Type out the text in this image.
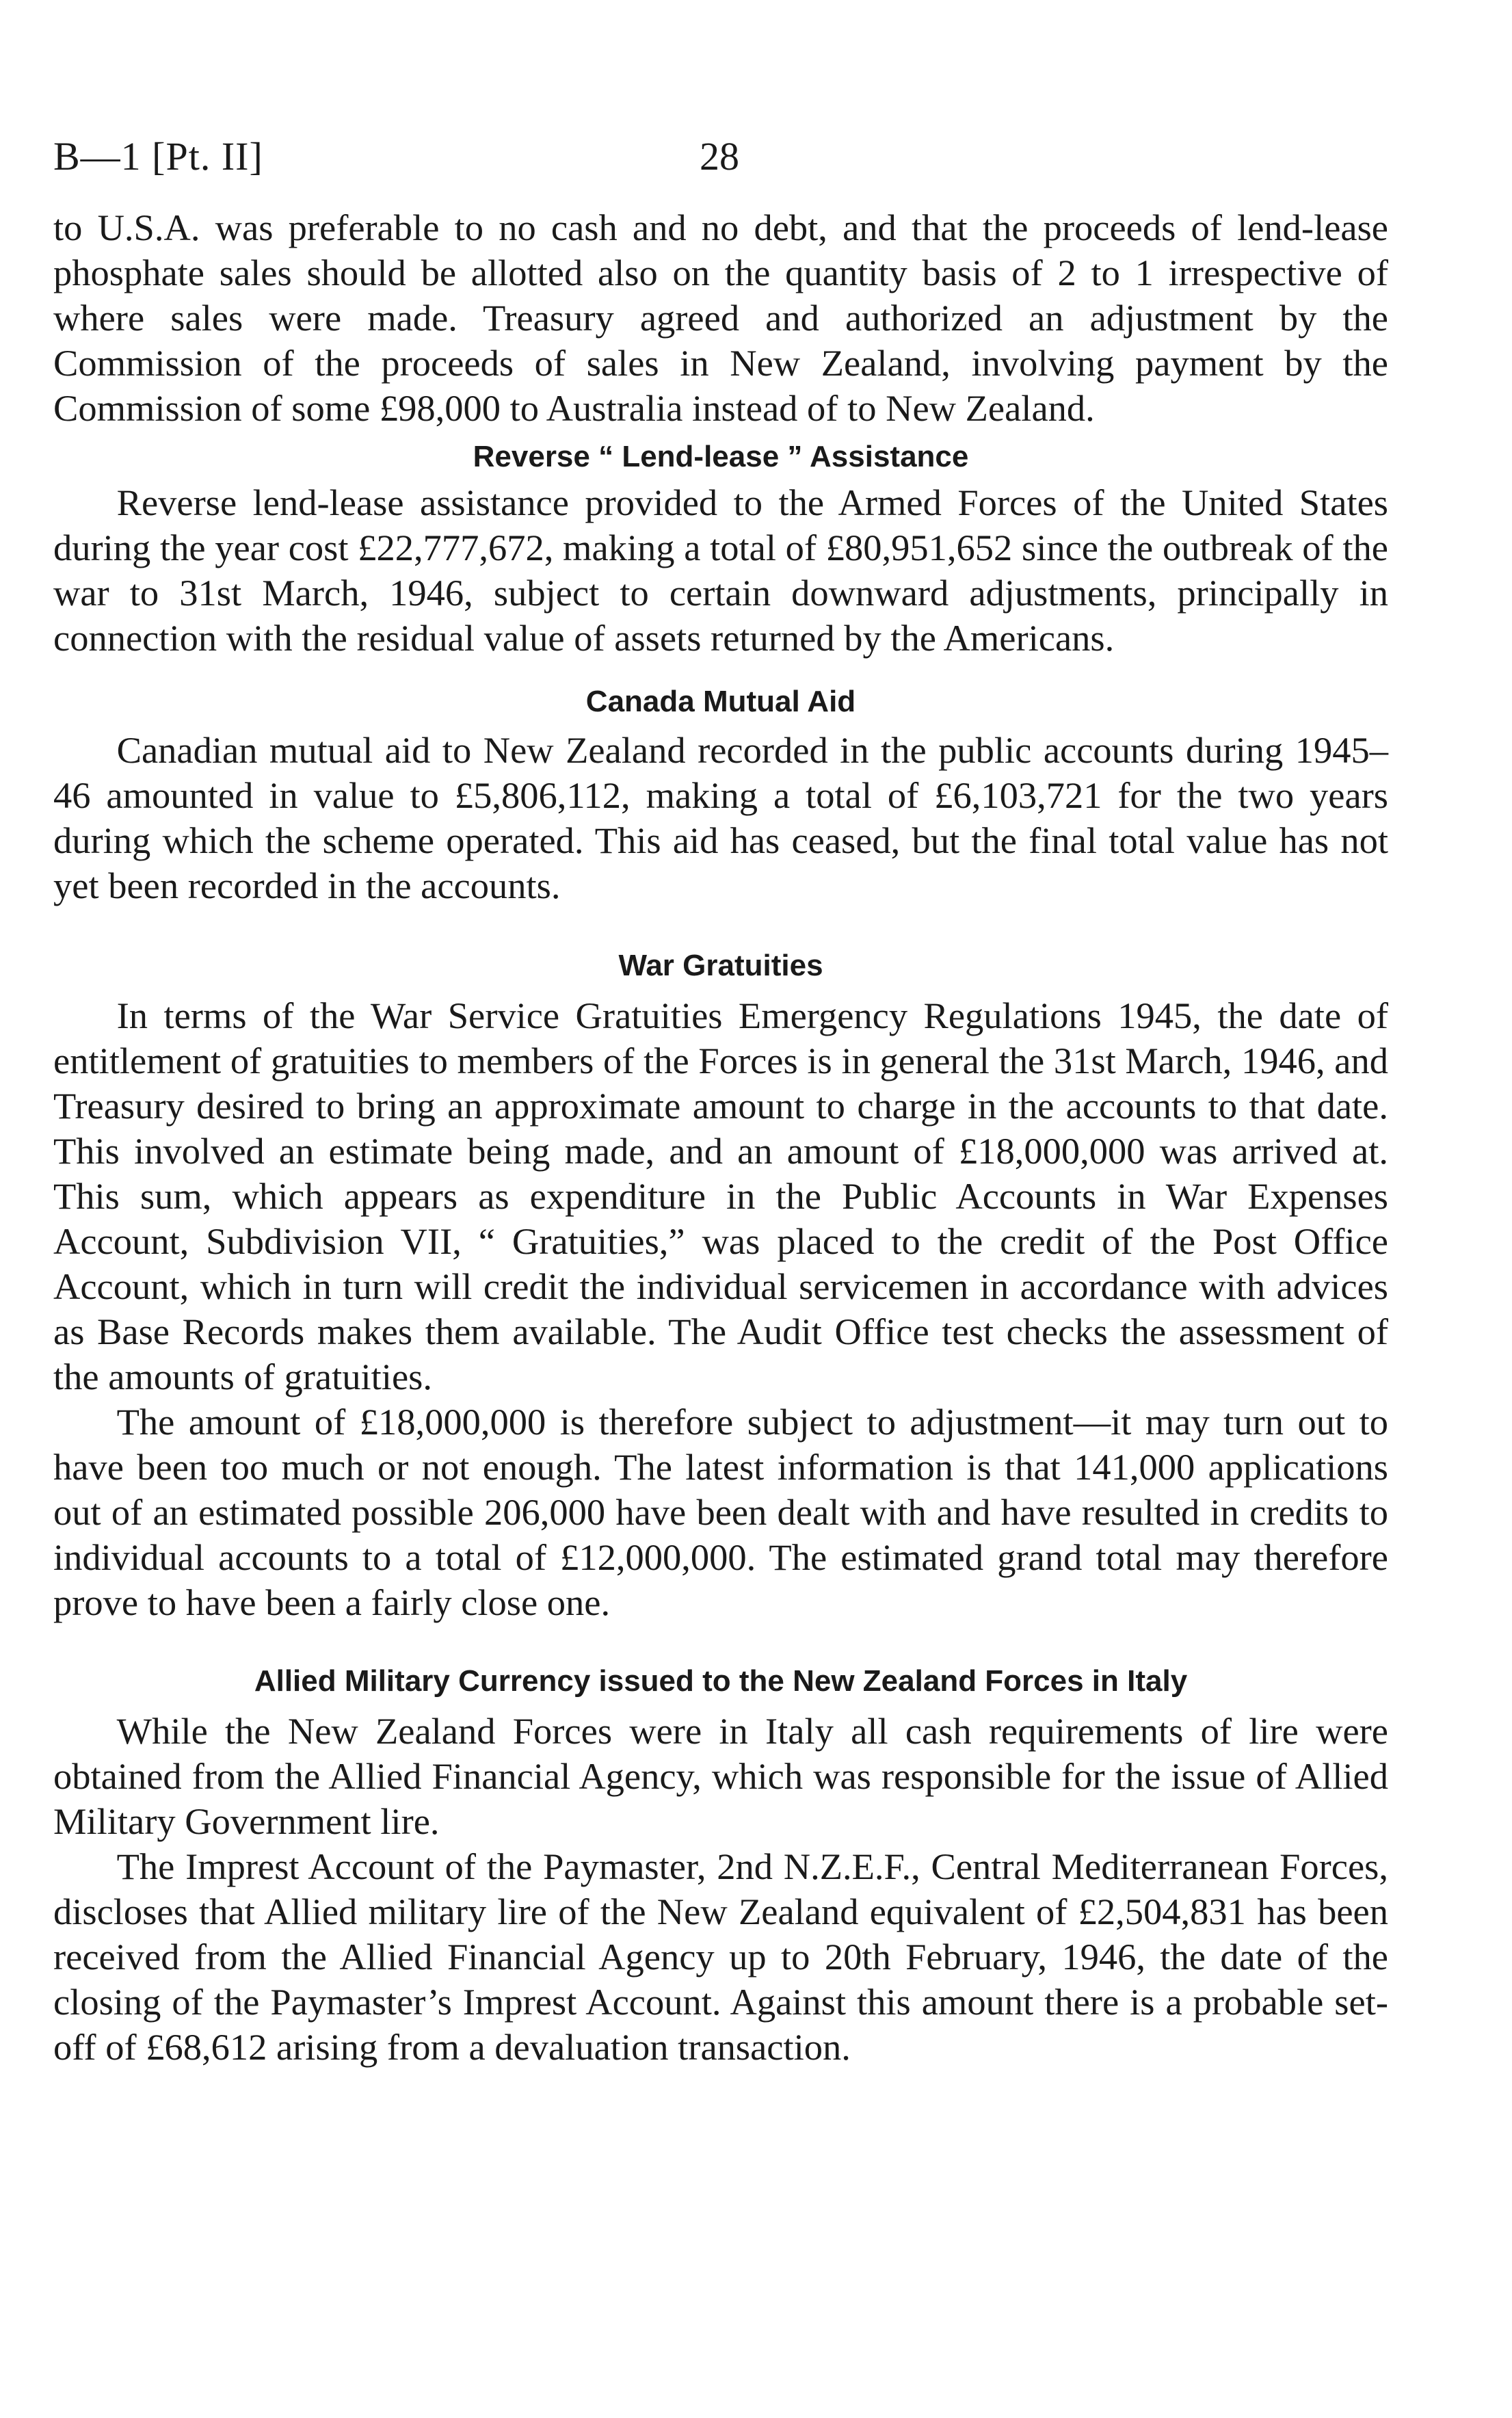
B—1 [Pt. II]	28

to U.S.A. was preferable to no cash and no debt, and that the proceeds of lend-lease phosphate sales should be allotted also on the quantity basis of 2 to 1 irrespective of where sales were made. Treasury agreed and authorized an adjustment by the Commission of the proceeds of sales in New Zealand, involving payment by the Commission of some £98,000 to Australia instead of to New Zealand.

Reverse “ Lend-lease ” Assistance

Reverse lend-lease assistance provided to the Armed Forces of the United States during the year cost £22,777,672, making a total of £80,951,652 since the outbreak of the war to 31st March, 1946, subject to certain downward adjustments, principally in connection with the residual value of assets returned by the Americans.

Canada Mutual Aid

Canadian mutual aid to New Zealand recorded in the public accounts during 1945–46 amounted in value to £5,806,112, making a total of £6,103,721 for the two years during which the scheme operated. This aid has ceased, but the final total value has not yet been recorded in the accounts.

War Gratuities

In terms of the War Service Gratuities Emergency Regulations 1945, the date of entitlement of gratuities to members of the Forces is in general the 31st March, 1946, and Treasury desired to bring an approximate amount to charge in the accounts to that date. This involved an estimate being made, and an amount of £18,000,000 was arrived at. This sum, which appears as expenditure in the Public Accounts in War Expenses Account, Subdivision VII, “ Gratuities,” was placed to the credit of the Post Office Account, which in turn will credit the individual servicemen in accordance with advices as Base Records makes them available. The Audit Office test checks the assessment of the amounts of gratuities.

The amount of £18,000,000 is therefore subject to adjustment—it may turn out to have been too much or not enough. The latest information is that 141,000 applications out of an estimated possible 206,000 have been dealt with and have resulted in credits to individual accounts to a total of £12,000,000. The estimated grand total may therefore prove to have been a fairly close one.

Allied Military Currency issued to the New Zealand Forces in Italy

While the New Zealand Forces were in Italy all cash requirements of lire were obtained from the Allied Financial Agency, which was responsible for the issue of Allied Military Government lire.

The Imprest Account of the Paymaster, 2nd N.Z.E.F., Central Mediterranean Forces, discloses that Allied military lire of the New Zealand equivalent of £2,504,831 has been received from the Allied Financial Agency up to 20th February, 1946, the date of the closing of the Paymaster’s Imprest Account. Against this amount there is a probable set-off of £68,612 arising from a devaluation transaction.
